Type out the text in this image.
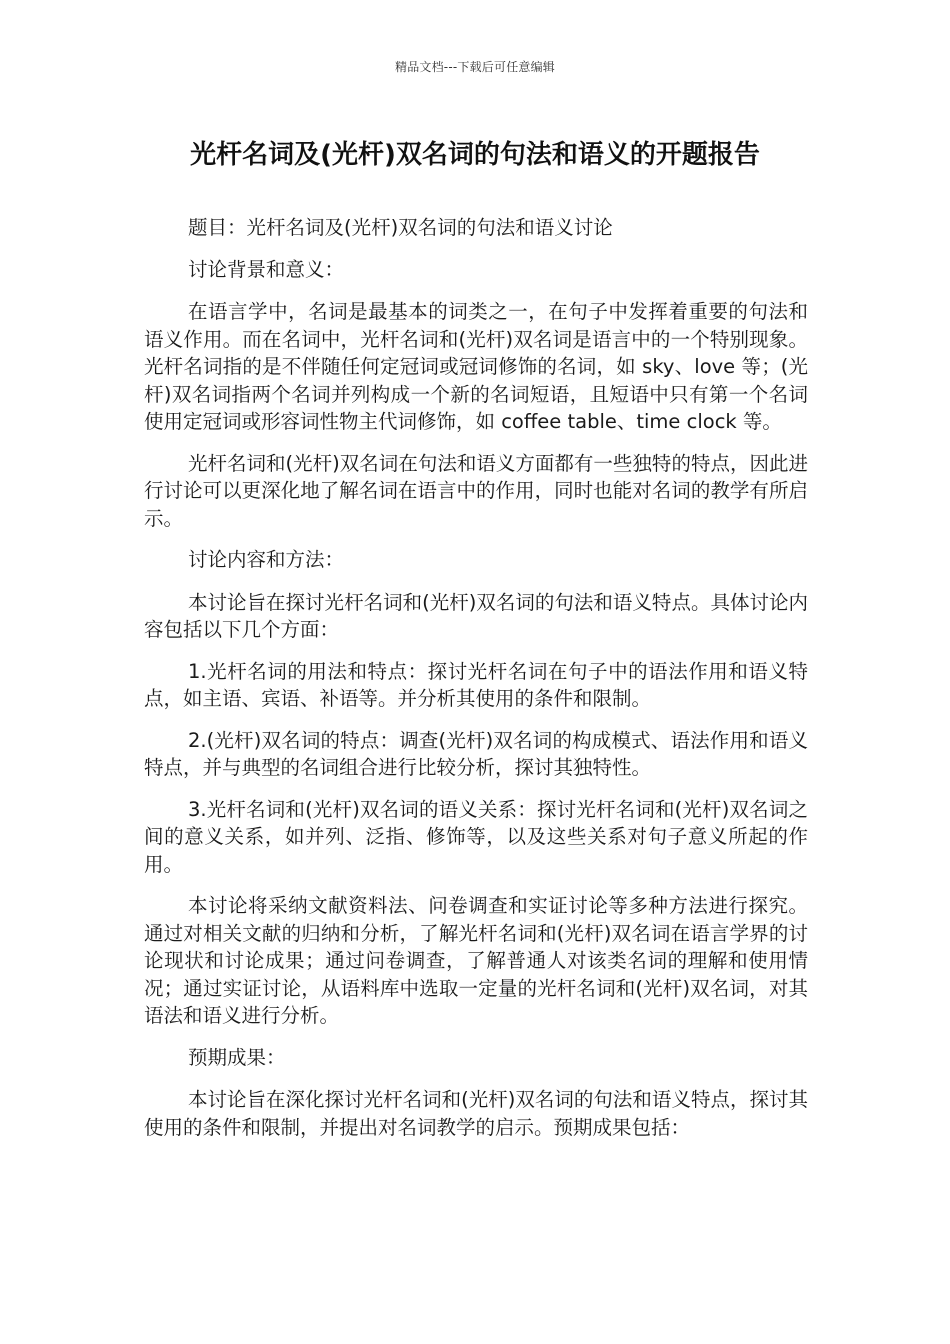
精品文档---下载后可任意编辑
光杆名词及(光杆)双名词的句法和语义的开题报告

题目：光杆名词及(光杆)双名词的句法和语义讨论

讨论背景和意义：

在语言学中，名词是最基本的词类之一，在句子中发挥着重要的句法和语义作用。而在名词中，光杆名词和(光杆)双名词是语言中的一个特别现象。光杆名词指的是不伴随任何定冠词或冠词修饰的名词，如 sky、love 等；(光杆)双名词指两个名词并列构成一个新的名词短语，且短语中只有第一个名词使用定冠词或形容词性物主代词修饰，如 coffee table、time clock 等。

光杆名词和(光杆)双名词在句法和语义方面都有一些独特的特点，因此进行讨论可以更深化地了解名词在语言中的作用，同时也能对名词的教学有所启示。

讨论内容和方法：

本讨论旨在探讨光杆名词和(光杆)双名词的句法和语义特点。具体讨论内容包括以下几个方面：

1.光杆名词的用法和特点：探讨光杆名词在句子中的语法作用和语义特点，如主语、宾语、补语等。并分析其使用的条件和限制。

2.(光杆)双名词的特点：调查(光杆)双名词的构成模式、语法作用和语义特点，并与典型的名词组合进行比较分析，探讨其独特性。

3.光杆名词和(光杆)双名词的语义关系：探讨光杆名词和(光杆)双名词之间的意义关系，如并列、泛指、修饰等，以及这些关系对句子意义所起的作用。

本讨论将采纳文献资料法、问卷调查和实证讨论等多种方法进行探究。通过对相关文献的归纳和分析，了解光杆名词和(光杆)双名词在语言学界的讨论现状和讨论成果；通过问卷调查，了解普通人对该类名词的理解和使用情况；通过实证讨论，从语料库中选取一定量的光杆名词和(光杆)双名词，对其语法和语义进行分析。

预期成果：

本讨论旨在深化探讨光杆名词和(光杆)双名词的句法和语义特点，探讨其使用的条件和限制，并提出对名词教学的启示。预期成果包括：
